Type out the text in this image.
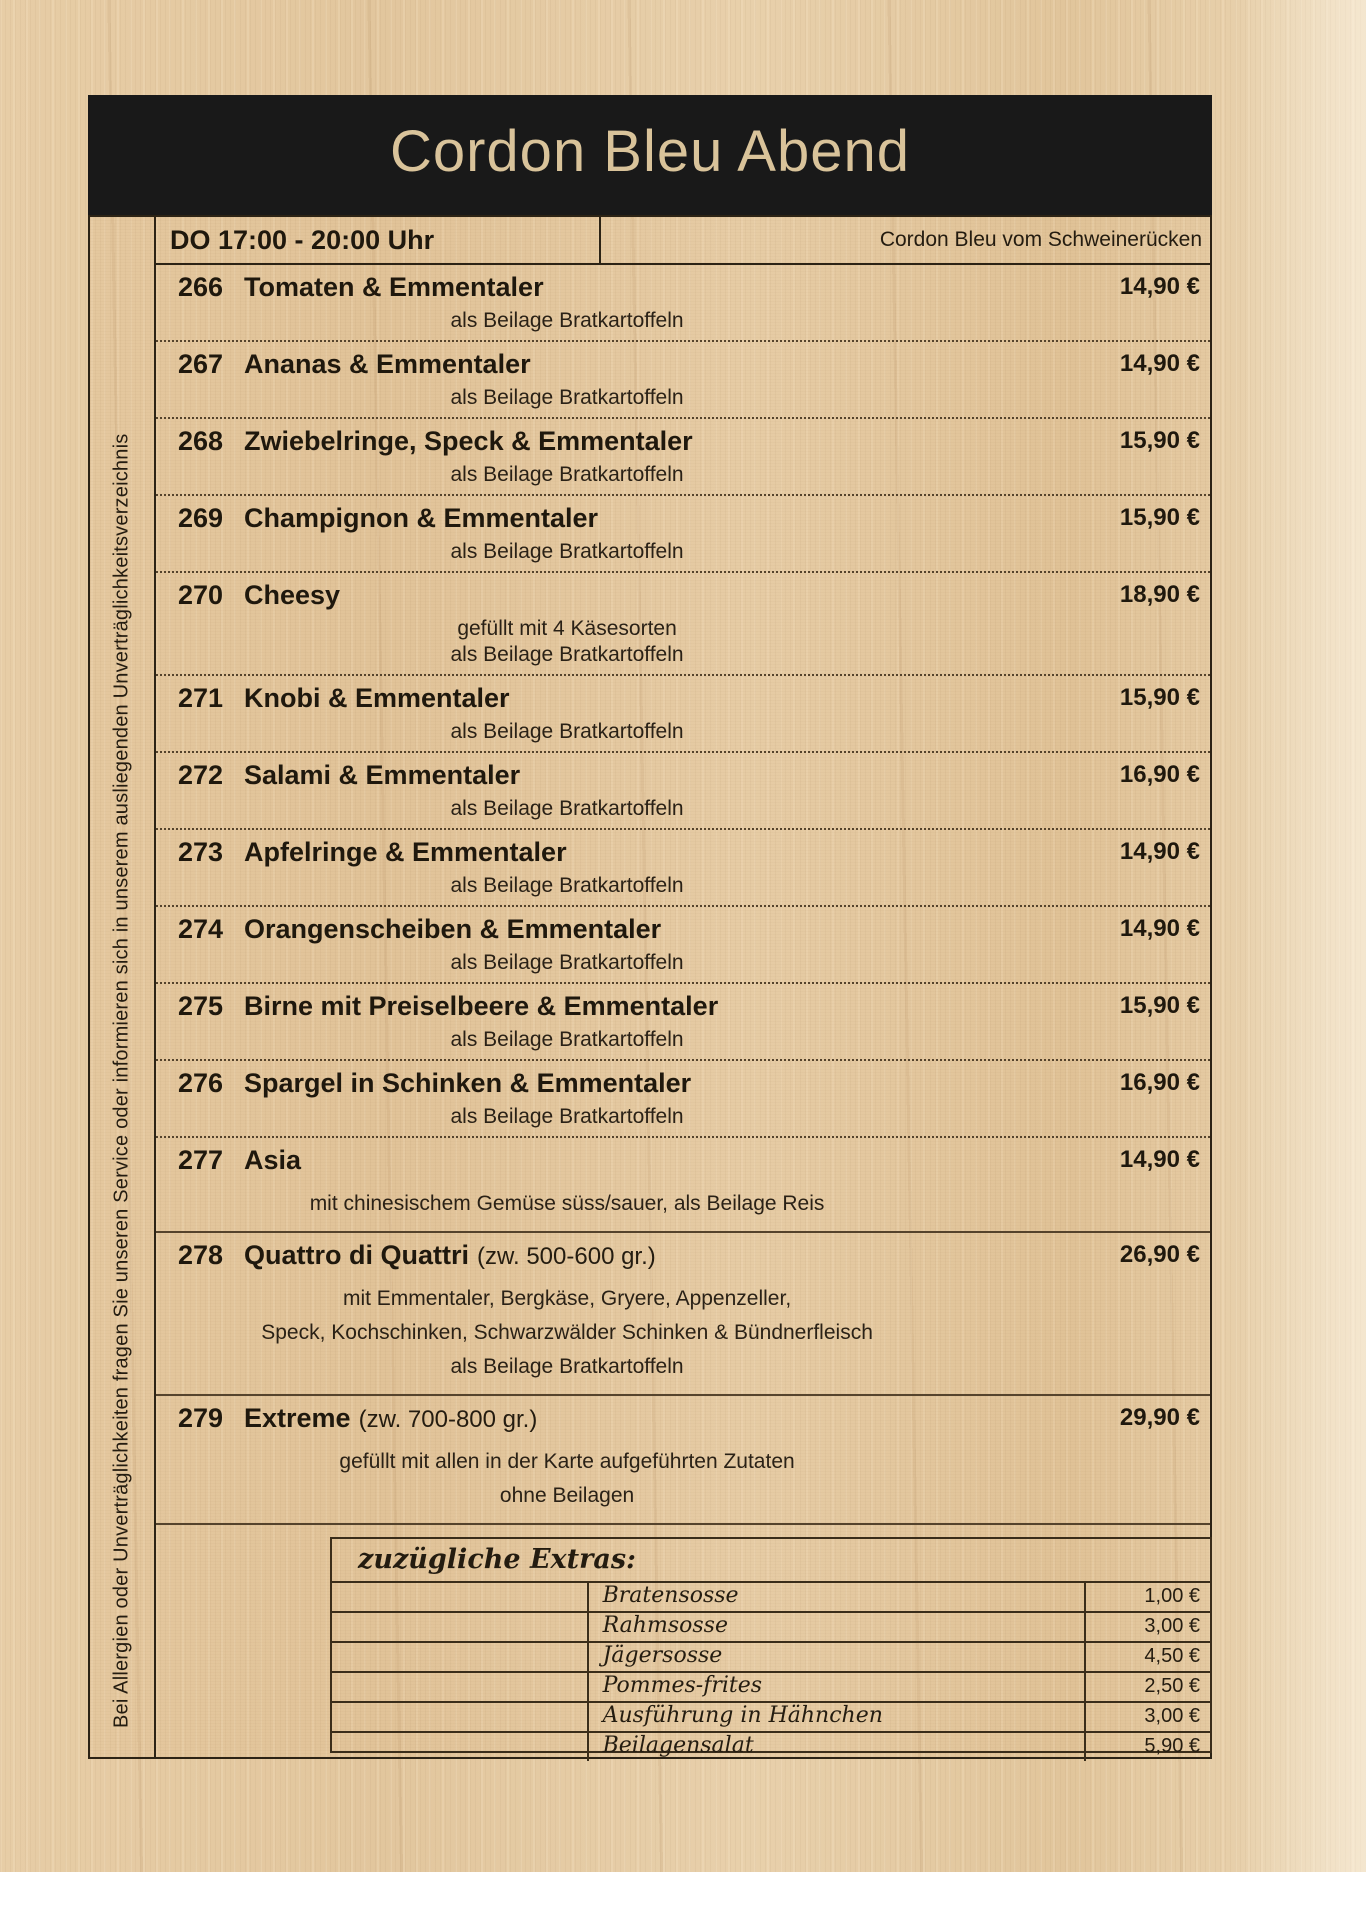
Cordon Bleu Abend
Bei Allergien oder Unverträglichkeiten fragen Sie unseren Service oder informieren sich in unserem ausliegenden Unverträglichkeitsverzeichnis
DO 17:00 - 20:00 Uhr	Cordon Bleu vom Schweinerücken
266 Tomaten & Emmentaler	14,90 €
als Beilage Bratkartoffeln
267 Ananas & Emmentaler	14,90 €
als Beilage Bratkartoffeln
268 Zwiebelringe, Speck & Emmentaler	15,90 €
als Beilage Bratkartoffeln
269 Champignon & Emmentaler	15,90 €
als Beilage Bratkartoffeln
270 Cheesy	18,90 €
gefüllt mit 4 Käsesorten
als Beilage Bratkartoffeln
271 Knobi & Emmentaler	15,90 €
als Beilage Bratkartoffeln
272 Salami & Emmentaler	16,90 €
als Beilage Bratkartoffeln
273 Apfelringe & Emmentaler	14,90 €
als Beilage Bratkartoffeln
274 Orangenscheiben & Emmentaler	14,90 €
als Beilage Bratkartoffeln
275 Birne mit Preiselbeere & Emmentaler	15,90 €
als Beilage Bratkartoffeln
276 Spargel in Schinken & Emmentaler	16,90 €
als Beilage Bratkartoffeln
277 Asia	14,90 €
mit chinesischem Gemüse süss/sauer, als Beilage Reis
278 Quattro di Quattri (zw. 500-600 gr.)	26,90 €
mit Emmentaler, Bergkäse, Gryere, Appenzeller,
Speck, Kochschinken, Schwarzwälder Schinken & Bündnerfleisch
als Beilage Bratkartoffeln
279 Extreme (zw. 700-800 gr.)	29,90 €
gefüllt mit allen in der Karte aufgeführten Zutaten
ohne Beilagen
zuzügliche Extras:
Bratensosse	1,00 €
Rahmsosse	3,00 €
Jägersosse	4,50 €
Pommes-frites	2,50 €
Ausführung in Hähnchen	3,00 €
Beilagensalat	5,90 €
